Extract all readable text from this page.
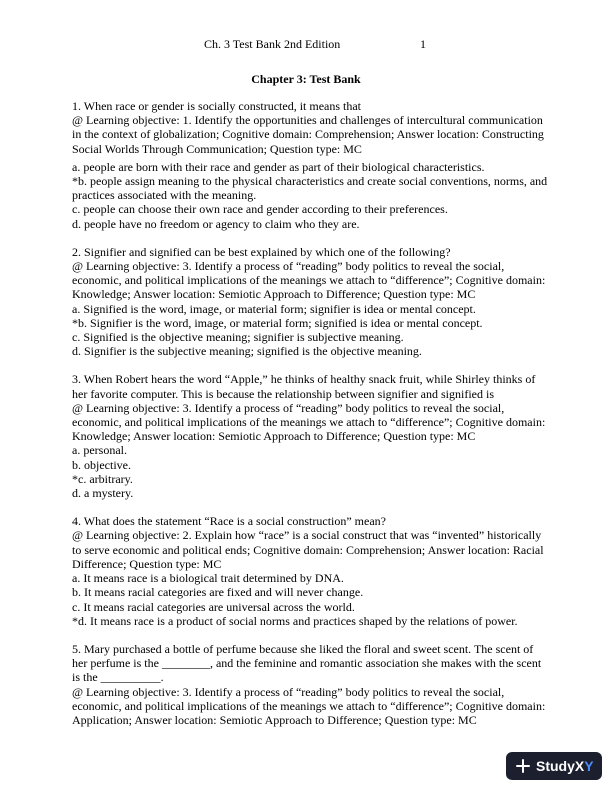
Ch. 3 Test Bank 2nd Edition	1
Chapter 3: Test Bank

1. When race or gender is socially constructed, it means that

@ Learning objective: 1. Identify the opportunities and challenges of intercultural communication in the context of globalization; Cognitive domain: Comprehension; Answer location: Constructing Social Worlds Through Communication; Question type: MC

a. people are born with their race and gender as part of their biological characteristics.

*b. people assign meaning to the physical characteristics and create social conventions, norms, and practices associated with the meaning.

c. people can choose their own race and gender according to their preferences.

d. people have no freedom or agency to claim who they are.

2. Signifier and signified can be best explained by which one of the following?

@ Learning objective: 3. Identify a process of “reading” body politics to reveal the social, economic, and political implications of the meanings we attach to “difference”; Cognitive domain: Knowledge; Answer location: Semiotic Approach to Difference; Question type: MC

a. Signified is the word, image, or material form; signifier is idea or mental concept.

*b. Signifier is the word, image, or material form; signified is idea or mental concept.

c. Signified is the objective meaning; signifier is subjective meaning.

d. Signifier is the subjective meaning; signified is the objective meaning.

3. When Robert hears the word “Apple,” he thinks of healthy snack fruit, while Shirley thinks of her favorite computer. This is because the relationship between signifier and signified is

@ Learning objective: 3. Identify a process of “reading” body politics to reveal the social, economic, and political implications of the meanings we attach to “difference”; Cognitive domain: Knowledge; Answer location: Semiotic Approach to Difference; Question type: MC

a. personal.

b. objective.

*c. arbitrary.

d. a mystery.

4. What does the statement “Race is a social construction” mean?

@ Learning objective: 2. Explain how “race” is a social construct that was “invented” historically to serve economic and political ends; Cognitive domain: Comprehension; Answer location: Racial Difference; Question type: MC

a. It means race is a biological trait determined by DNA.

b. It means racial categories are fixed and will never change.

c. It means racial categories are universal across the world.

*d. It means race is a product of social norms and practices shaped by the relations of power.

5. Mary purchased a bottle of perfume because she liked the floral and sweet scent. The scent of her perfume is the ________, and the feminine and romantic association she makes with the scent is the __________.

@ Learning objective: 3. Identify a process of “reading” body politics to reveal the social, economic, and political implications of the meanings we attach to “difference”; Cognitive domain: Application; Answer location: Semiotic Approach to Difference; Question type: MC

StudyX Y
